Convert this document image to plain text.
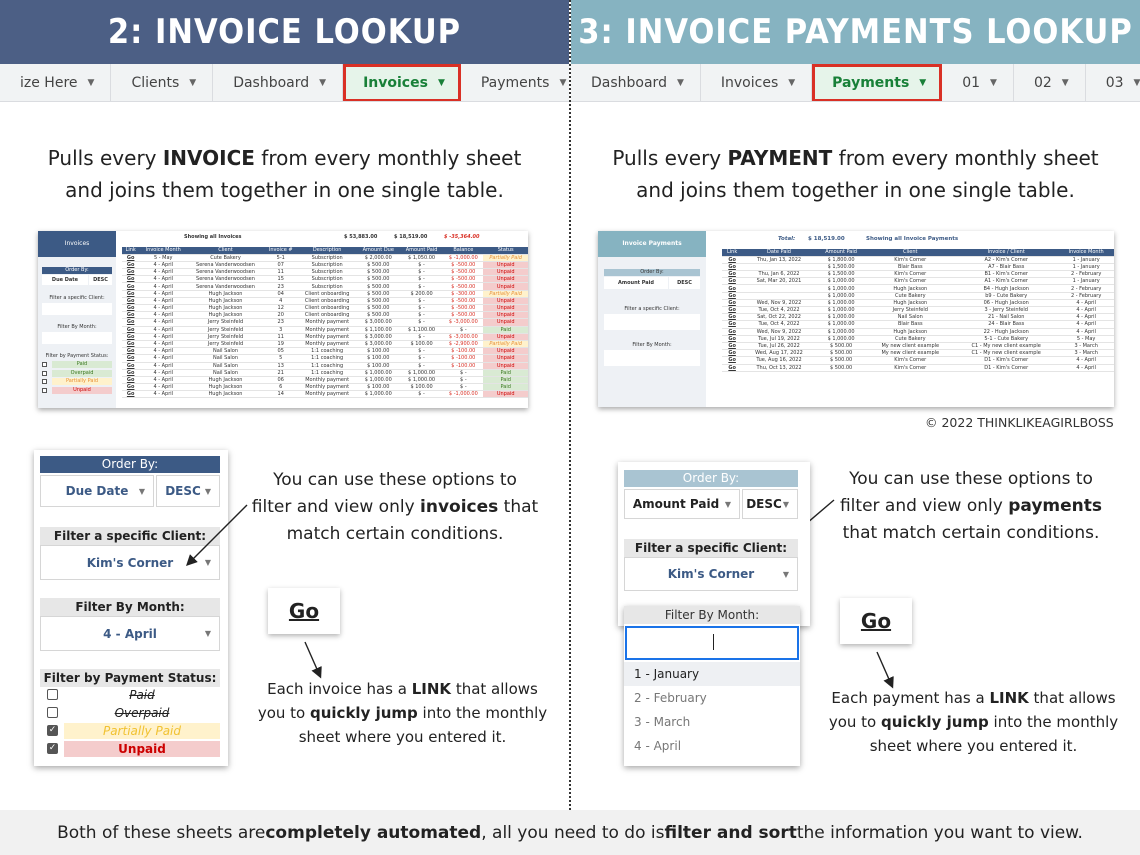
2: INVOICE LOOKUP	3: INVOICE PAYMENTS LOOKUP
ize Here ▼	Clients ▼	Dashboard ▼	Invoices ▼	Payments ▼ Dashboard ▼	Invoices ▼	Payments ▼	01 ▼	02 ▼	03 ▼
Pulls every INVOICE from every monthly sheet
and joins them together in one single table.
Pulls every PAYMENT from every monthly sheet
and joins them together in one single table.
Invoices
Order By:
Due Date	DESC
Filter a specific Client:
Filter By Month:
Filter by Payment Status:
Paid
Overpaid
Partially Paid
Unpaid
Showing all Invoices	$ 53,883.00	$ 18,519.00	$ -35,364.00
Link	Invoice Month	Client	Invoice #	Description	Amount Due	Amount Paid	Balance	Status
Go	5 - May	Cute Bakery	5-1	Subscription	$ 2,000.00	$ 1,050.00	$ -1,000.00	Partially Paid
Go	4 - April	Serena Vanderwoodsen	07	Subscription	$ 500.00	$ -	$ -500.00	Unpaid
Go	4 - April	Serena Vanderwoodsen	11	Subscription	$ 500.00	$ -	$ -500.00	Unpaid
Go	4 - April	Serena Vanderwoodsen	15	Subscription	$ 500.00	$ -	$ -500.00	Unpaid
Go	4 - April	Serena Vanderwoodsen	23	Subscription	$ 500.00	$ -	$ -500.00	Unpaid
Go	4 - April	Hugh Jackson	04	Client onboarding	$ 500.00	$ 200.00	$ -300.00	Partially Paid
Go	4 - April	Hugh Jackson	4	Client onboarding	$ 500.00	$ -	$ -500.00	Unpaid
Go	4 - April	Hugh Jackson	12	Client onboarding	$ 500.00	$ -	$ -500.00	Unpaid
Go	4 - April	Hugh Jackson	20	Client onboarding	$ 500.00	$ -	$ -500.00	Unpaid
Go	4 - April	Jerry Steinfeld	23	Monthly payment	$ 3,000.00	$ -	$ -3,000.00	Unpaid
Go	4 - April	Jerry Steinfeld	3	Monthly payment	$ 1,100.00	$ 1,100.00	$ -	Paid
Go	4 - April	Jerry Steinfeld	11	Monthly payment	$ 3,000.00	$ -	$ -3,000.00	Unpaid
Go	4 - April	Jerry Steinfeld	19	Monthly payment	$ 3,000.00	$ 100.00	$ -2,900.00	Partially Paid
Go	4 - April	Nail Salon	05	1:1 coaching	$ 100.00	$ -	$ -100.00	Unpaid
Go	4 - April	Nail Salon	5	1:1 coaching	$ 100.00	$ -	$ -100.00	Unpaid
Go	4 - April	Nail Salon	13	1:1 coaching	$ 100.00	$ -	$ -100.00	Unpaid
Go	4 - April	Nail Salon	21	1:1 coaching	$ 1,000.00	$ 1,000.00	$ -	Paid
Go	4 - April	Hugh Jackson	06	Monthly payment	$ 1,000.00	$ 1,000.00	$ -	Paid
Go	4 - April	Hugh Jackson	6	Monthly payment	$ 100.00	$ 100.00	$ -	Paid
Go	4 - April	Hugh Jackson	14	Monthly payment	$ 1,000.00	$ -	$ -1,000.00	Unpaid
Invoice Payments
Order By:
Amount Paid	DESC
Filter a specific Client:
Filter By Month:
Total: $ 18,519.00	Showing all Invoice Payments
Link	Date Paid	Amount Paid	Client	Invoice / Client	Invoice Month
Go	Thu, Jan 13, 2022	$ 1,800.00	Kim's Corner	A2 - Kim's Corner	1 - January
Go		$ 1,500.00	Blair Bass	A7 - Blair Bass	1 - January
Go	Thu, Jan 6, 2022	$ 1,500.00	Kim's Corner	B1 - Kim's Corner	2 - February
Go	Sat, Mar 20, 2021	$ 1,000.00	Kim's Corner	A1 - Kim's Corner	1 - January
Go		$ 1,000.00	Hugh Jackson	B4 - Hugh Jackson	2 - February
Go		$ 1,000.00	Cute Bakery	b9 - Cute Bakery	2 - February
Go	Wed, Nov 9, 2022	$ 1,000.00	Hugh Jackson	06 - Hugh Jackson	4 - April
Go	Tue, Oct 4, 2022	$ 1,000.00	Jerry Steinfeld	3 - Jerry Steinfeld	4 - April
Go	Sat, Oct 22, 2022	$ 1,000.00	Nail Salon	21 - Nail Salon	4 - April
Go	Tue, Oct 4, 2022	$ 1,000.00	Blair Bass	24 - Blair Bass	4 - April
Go	Wed, Nov 9, 2022	$ 1,000.00	Hugh Jackson	22 - Hugh Jackson	4 - April
Go	Tue, Jul 19, 2022	$ 1,000.00	Cute Bakery	5-1 - Cute Bakery	5 - May
Go	Tue, Jul 26, 2022	$ 500.00	My new client example	C1 - My new client example	3 - March
Go	Wed, Aug 17, 2022	$ 500.00	My new client example	C1 - My new client example	3 - March
Go	Tue, Aug 16, 2022	$ 500.00	Kim's Corner	D1 - Kim's Corner	4 - April
Go	Thu, Oct 13, 2022	$ 500.00	Kim's Corner	D1 - Kim's Corner	4 - April
© 2022 THINKLIKEAGIRLBOSS
Order By:
Due Date ▼ DESC ▼
Filter a specific Client:
Kim's Corner	▼
Filter By Month:
4 - April	▼
Filter by Payment Status:
Paid
Overpaid
✓	Partially Paid
✓	Unpaid
You can use these options to
filter and view only invoices that
match certain conditions.
Go
Each invoice has a LINK that allows
you to quickly jump into the monthly
sheet where you entered it.
Order By:
Amount Paid ▼ DESC ▼
Filter a specific Client:
Kim's Corner	▼
Filter By Month:
1 - January
2 - February
3 - March
4 - April
You can use these options to
filter and view only payments
that match certain conditions.
Go
Each payment has a LINK that allows
you to quickly jump into the monthly
sheet where you entered it.
Both of these sheets are completely automated , all you need to do is filter and sort the information you want to view.
